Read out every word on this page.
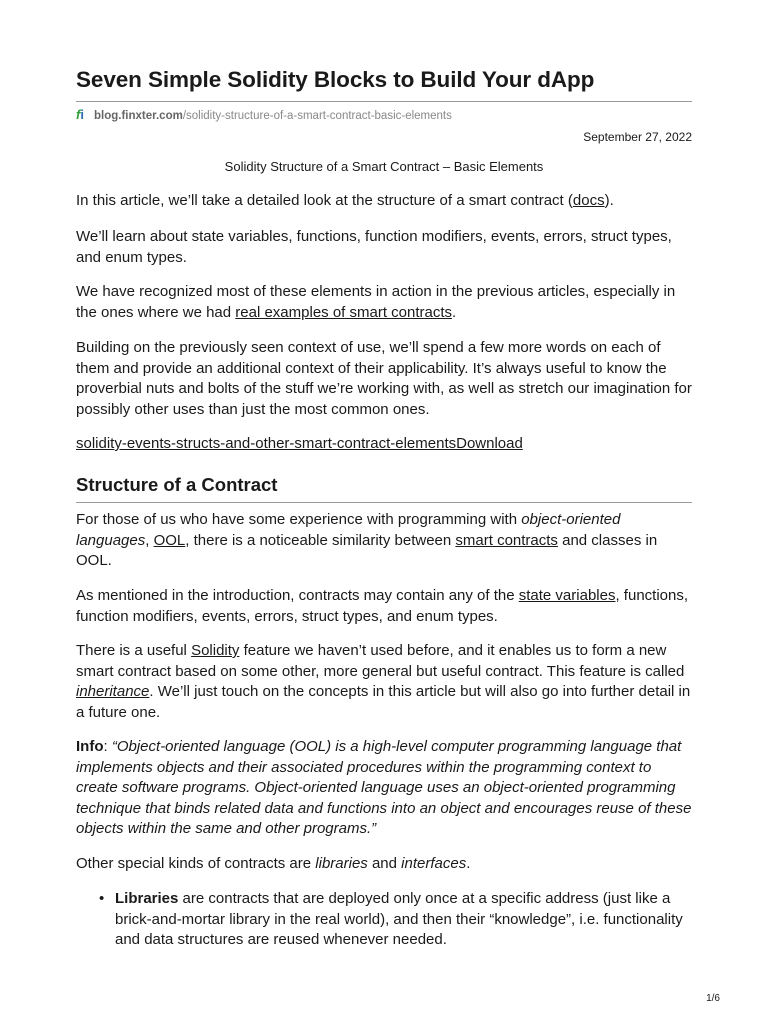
Seven Simple Solidity Blocks to Build Your dApp
fi blog.finxter.com/solidity-structure-of-a-smart-contract-basic-elements
September 27, 2022
Solidity Structure of a Smart Contract – Basic Elements

In this article, we’ll take a detailed look at the structure of a smart contract (docs).

We’ll learn about state variables, functions, function modifiers, events, errors, struct types, and enum types.

We have recognized most of these elements in action in the previous articles, especially in the ones where we had real examples of smart contracts.

Building on the previously seen context of use, we’ll spend a few more words on each of them and provide an additional context of their applicability. It’s always useful to know the proverbial nuts and bolts of the stuff we’re working with, as well as stretch our imagination for possibly other uses than just the most common ones.

solidity-events-structs-and-other-smart-contract-elementsDownload

Structure of a Contract

For those of us who have some experience with programming with object-oriented languages, OOL, there is a noticeable similarity between smart contracts and classes in OOL.

As mentioned in the introduction, contracts may contain any of the state variables, functions, function modifiers, events, errors, struct types, and enum types.

There is a useful Solidity feature we haven’t used before, and it enables us to form a new smart contract based on some other, more general but useful contract. This feature is called inheritance. We’ll just touch on the concepts in this article but will also go into further detail in a future one.

Info: “Object-oriented language (OOL) is a high-level computer programming language that implements objects and their associated procedures within the programming context to create software programs. Object-oriented language uses an object-oriented programming technique that binds related data and functions into an object and encourages reuse of these objects within the same and other programs.”

Other special kinds of contracts are libraries and interfaces.

• Libraries are contracts that are deployed only once at a specific address (just like a brick-and-mortar library in the real world), and then their “knowledge”, i.e. functionality and data structures are reused whenever needed.
1/6
